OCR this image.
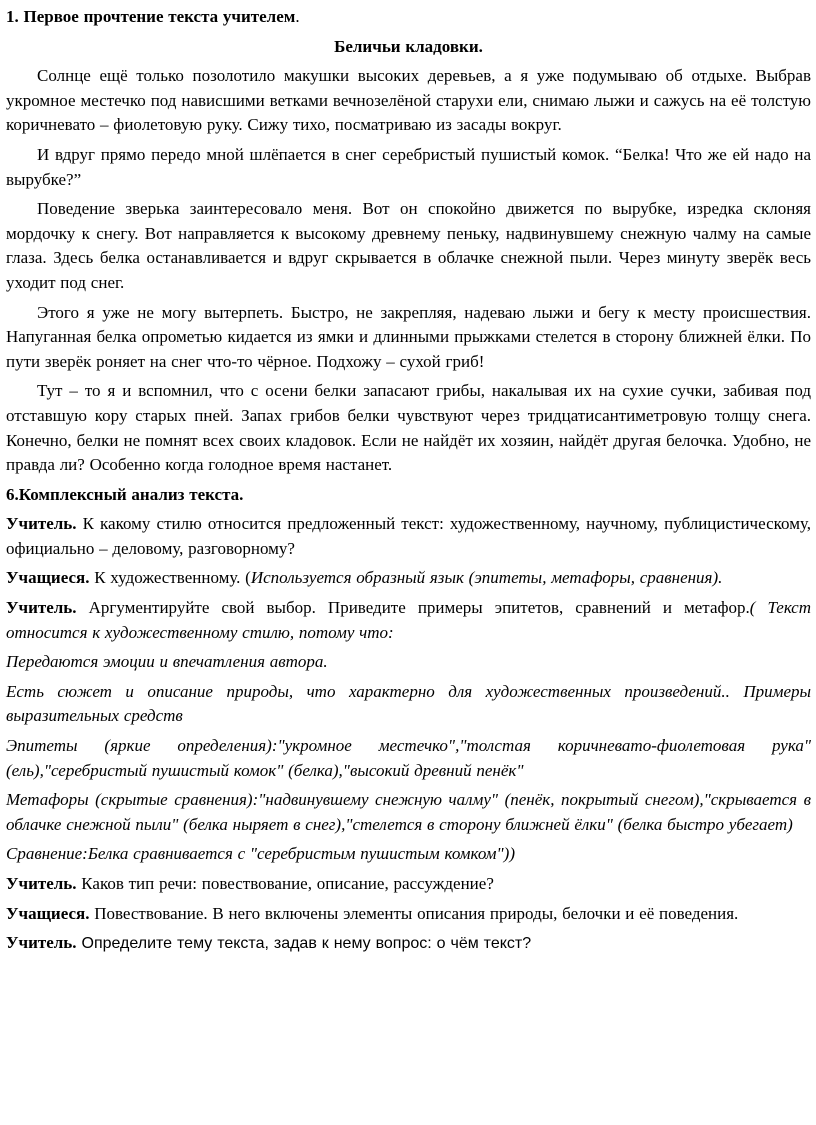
1. Первое прочтение текста учителем.

Беличьи кладовки.

Солнце ещё только позолотило макушки высоких деревьев, а я уже подумываю об отдыхе. Выбрав укромное местечко под нависшими ветками вечнозелёной старухи ели, снимаю лыжи и сажусь на её толстую коричневато – фиолетовую руку. Сижу тихо, посматриваю из засады вокруг.

И вдруг прямо передо мной шлёпается в снег серебристый пушистый комок. “Белка! Что же ей надо на вырубке?”

Поведение зверька заинтересовало меня. Вот он спокойно движется по вырубке, изредка склоняя мордочку к снегу. Вот направляется к высокому древнему пеньку, надвинувшему снежную чалму на самые глаза. Здесь белка останавливается и вдруг скрывается в облачке снежной пыли. Через минуту зверёк весь уходит под снег.

Этого я уже не могу вытерпеть. Быстро, не закрепляя, надеваю лыжи и бегу к месту происшествия. Напуганная белка опрометью кидается из ямки и длинными прыжками стелется в сторону ближней ёлки. По пути зверёк роняет на снег что-то чёрное. Подхожу – сухой гриб!

Тут – то я и вспомнил, что с осени белки запасают грибы, накалывая их на сухие сучки, забивая под отставшую кору старых пней. Запах грибов белки чувствуют через тридцатисантиметровую толщу снега. Конечно, белки не помнят всех своих кладовок. Если не найдёт их хозяин, найдёт другая белочка. Удобно, не правда ли? Особенно когда голодное время настанет.

6.Комплексный анализ текста.

Учитель. К какому стилю относится предложенный текст: художественному, научному, публицистическому, официально – деловому, разговорному?

Учащиеся. К художественному. (Используется образный язык (эпитеты, метафоры, сравнения).

Учитель. Аргументируйте свой выбор. Приведите примеры эпитетов, сравнений и метафор.( Текст относится к художественному стилю, потому что:

Передаются эмоции и впечатления автора.

Есть сюжет и описание природы, что характерно для художественных произведений.. Примеры выразительных средств

Эпитеты (яркие определения):"укромное местечко","толстая коричневато-фиолетовая рука" (ель),"серебристый пушистый комок" (белка),"высокий древний пенёк"

Метафоры (скрытые сравнения):"надвинувшему снежную чалму" (пенёк, покрытый снегом),"скрывается в облачке снежной пыли" (белка ныряет в снег),"стелется в сторону ближней ёлки" (белка быстро убегает)

Сравнение:Белка сравнивается с "серебристым пушистым комком"))

Учитель. Каков тип речи: повествование, описание, рассуждение?

Учащиеся. Повествование. В него включены элементы описания природы, белочки и её поведения.

Учитель. Определите тему текста, задав к нему вопрос: о чём текст?
